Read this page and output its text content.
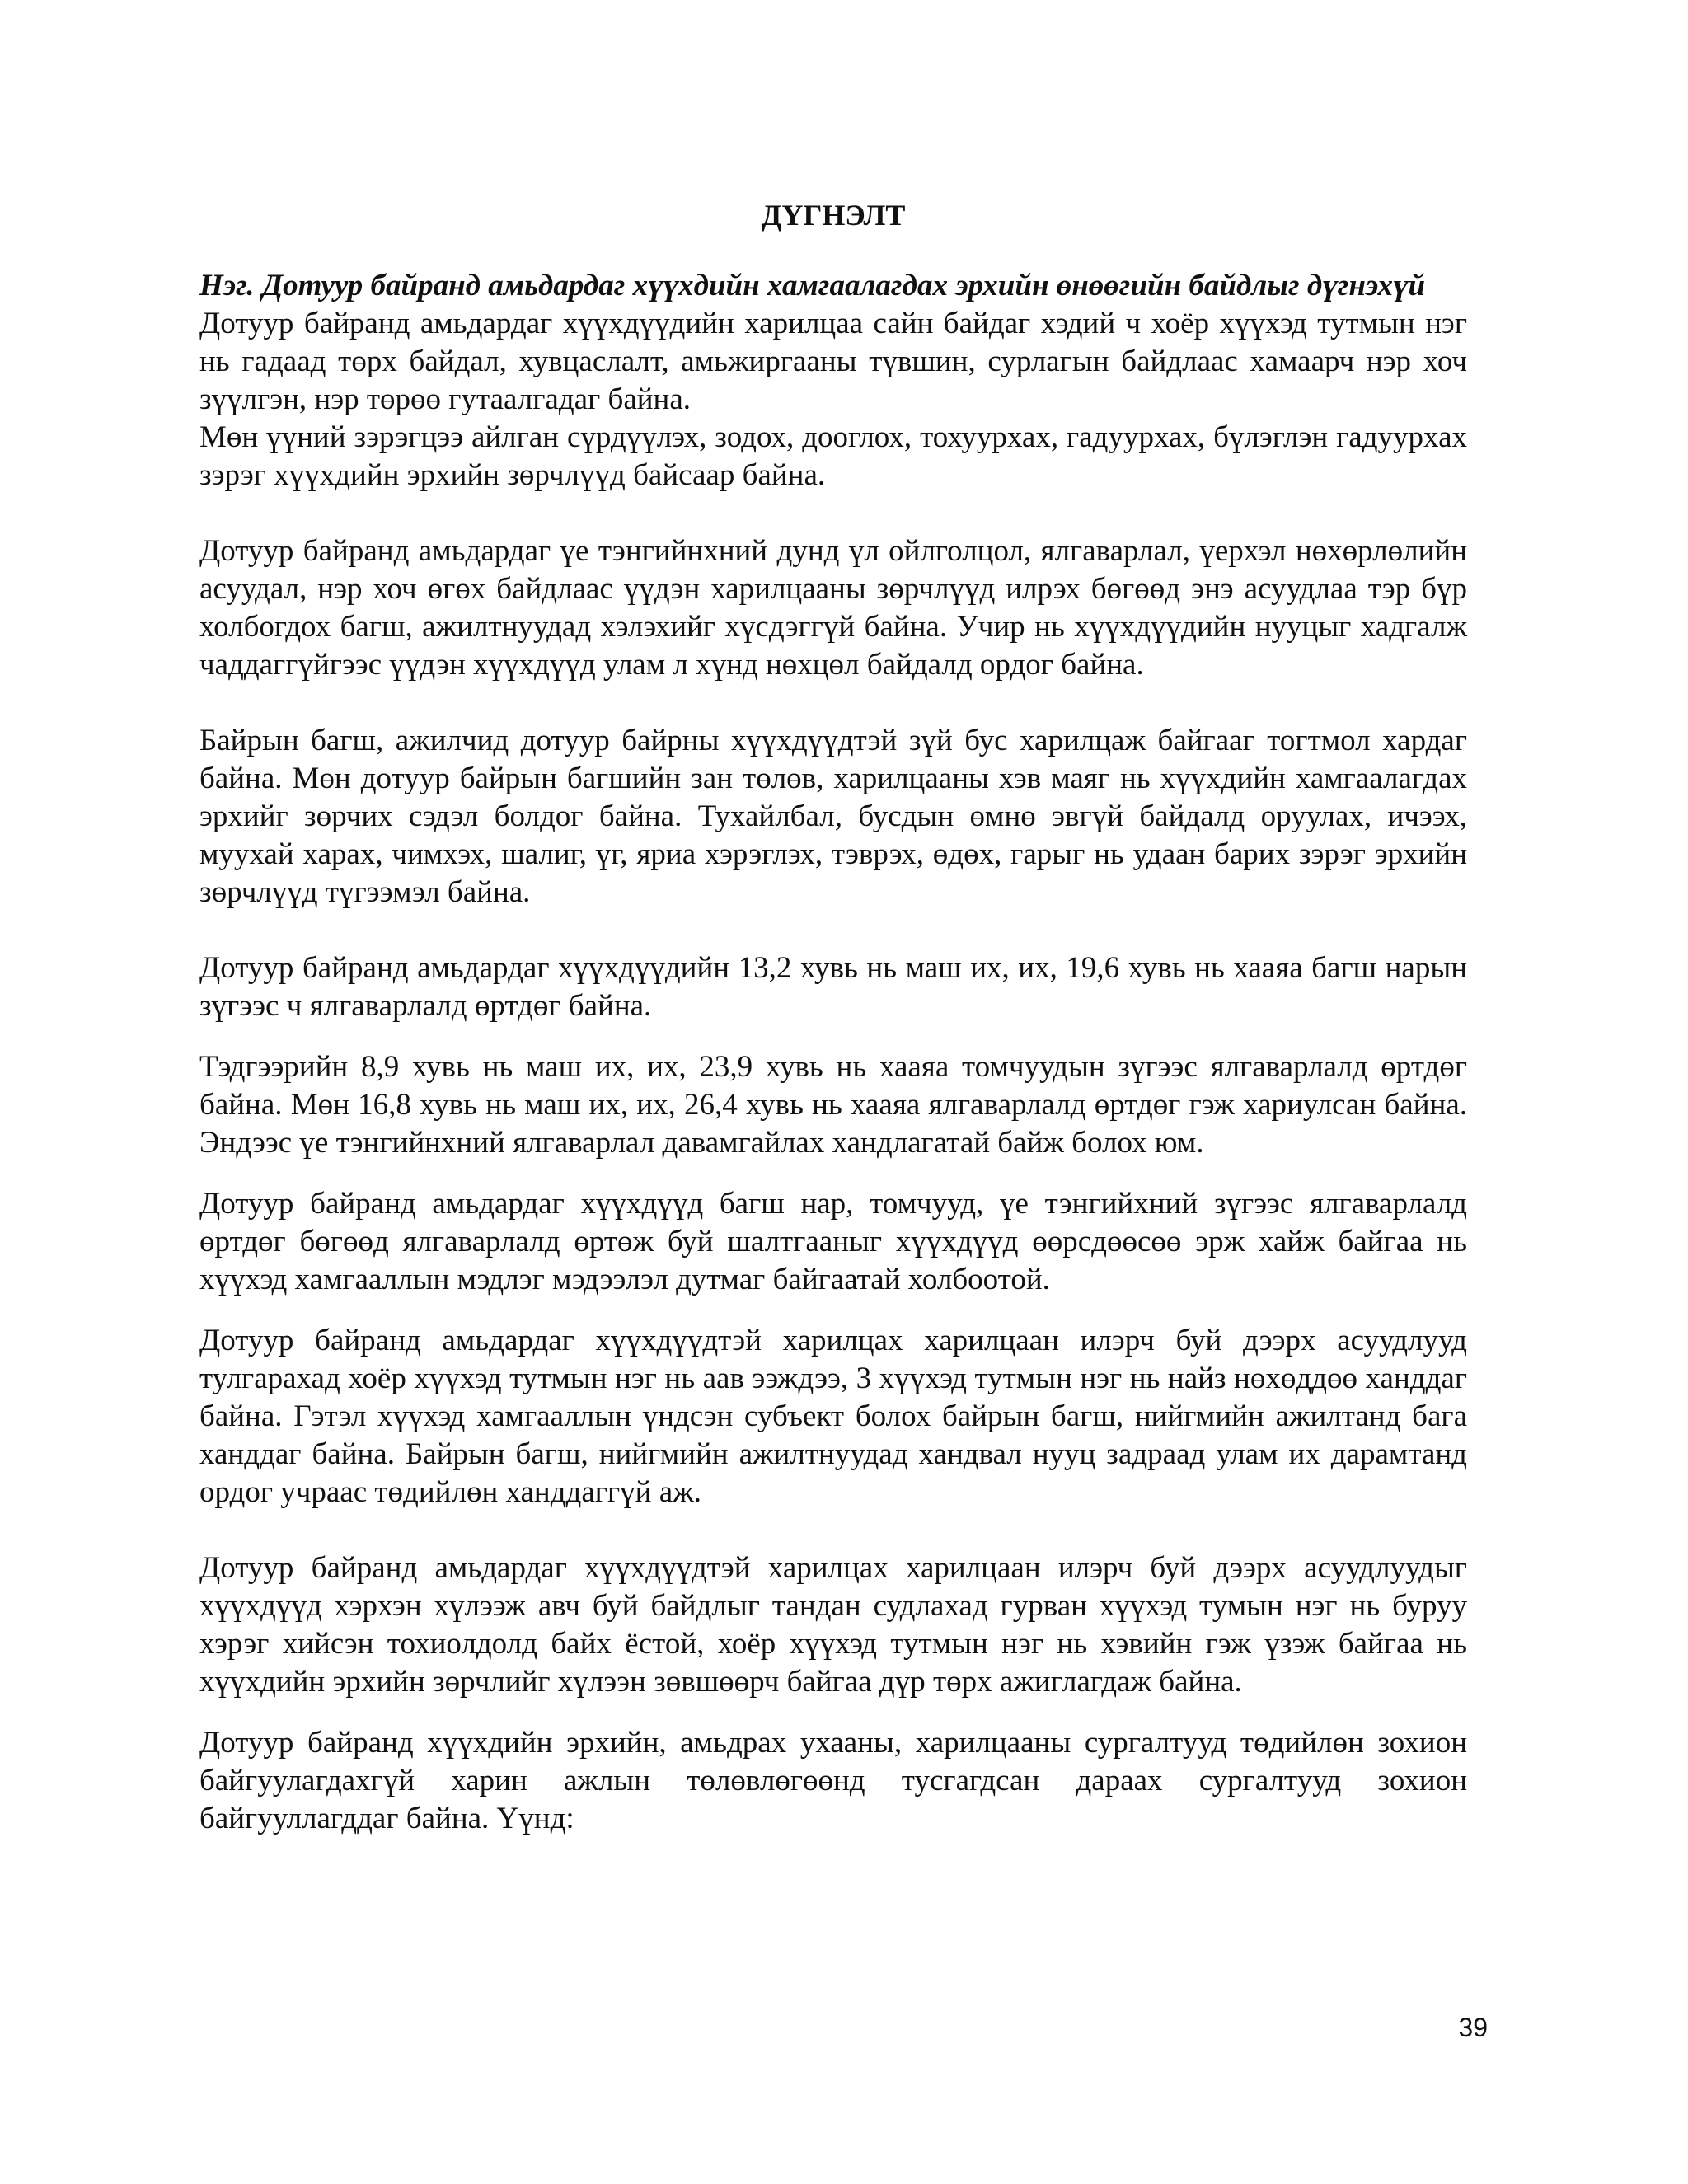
ДҮГНЭЛТ

Нэг. Дотуур байранд амьдардаг хүүхдийн хамгаалагдах эрхийн өнөөгийн байдлыг дүгнэхүй

Дотуур байранд амьдардаг хүүхдүүдийн харилцаа сайн байдаг хэдий ч хоёр хүүхэд тутмын нэг нь гадаад төрх байдал, хувцаслалт, амьжиргааны түвшин, сурлагын байдлаас хамаарч нэр хоч зүүлгэн, нэр төрөө гутаалгадаг байна.

Мөн үүний зэрэгцээ айлган сүрдүүлэх, зодох, дооглох, тохуурхах, гадуурхах, бүлэглэн гадуурхах зэрэг хүүхдийн эрхийн зөрчлүүд байсаар байна.

Дотуур байранд амьдардаг үе тэнгийнхний дунд үл ойлголцол, ялгаварлал, үерхэл нөхөрлөлийн асуудал, нэр хоч өгөх байдлаас үүдэн харилцааны зөрчлүүд илрэх бөгөөд энэ асуудлаа тэр бүр холбогдох багш, ажилтнуудад хэлэхийг хүсдэггүй байна. Учир нь хүүхдүүдийн нууцыг хадгалж чаддаггүйгээс үүдэн хүүхдүүд улам л хүнд нөхцөл байдалд ордог байна.

Байрын багш, ажилчид дотуур байрны хүүхдүүдтэй зүй бус харилцаж байгааг тогтмол хардаг байна. Мөн дотуур байрын багшийн зан төлөв, харилцааны хэв маяг нь хүүхдийн хамгаалагдах эрхийг зөрчих сэдэл болдог байна. Тухайлбал, бусдын өмнө эвгүй байдалд оруулах, ичээх, муухай харах, чимхэх, шалиг, үг, яриа хэрэглэх, тэврэх, өдөх, гарыг нь удаан барих зэрэг эрхийн зөрчлүүд түгээмэл байна.

Дотуур байранд амьдардаг хүүхдүүдийн 13,2 хувь нь маш их, их, 19,6 хувь нь хааяа багш нарын зүгээс ч ялгаварлалд өртдөг байна.

Тэдгээрийн 8,9 хувь нь маш их, их, 23,9 хувь нь хааяа томчуудын зүгээс ялгаварлалд өртдөг байна. Мөн 16,8 хувь нь маш их, их, 26,4 хувь нь хааяа ялгаварлалд өртдөг гэж хариулсан байна. Эндээс үе тэнгийнхний ялгаварлал давамгайлах хандлагатай байж болох юм.

Дотуур байранд амьдардаг хүүхдүүд багш нар, томчууд, үе тэнгийхний зүгээс ялгаварлалд өртдөг бөгөөд ялгаварлалд өртөж буй шалтгааныг хүүхдүүд өөрсдөөсөө эрж хайж байгаа нь хүүхэд хамгааллын мэдлэг мэдээлэл дутмаг байгаатай холбоотой.

Дотуур байранд амьдардаг хүүхдүүдтэй харилцах харилцаан илэрч буй дээрх асуудлууд тулгарахад хоёр хүүхэд тутмын нэг нь аав ээждээ, 3 хүүхэд тутмын нэг нь найз нөхөддөө ханддаг байна. Гэтэл хүүхэд хамгааллын үндсэн субъект болох байрын багш, нийгмийн ажилтанд бага ханддаг байна. Байрын багш, нийгмийн ажилтнуудад хандвал нууц задраад улам их дарамтанд ордог учраас төдийлөн ханддаггүй аж.

Дотуур байранд амьдардаг хүүхдүүдтэй харилцах харилцаан илэрч буй дээрх асуудлуудыг хүүхдүүд хэрхэн хүлээж авч буй байдлыг тандан судлахад гурван хүүхэд тумын нэг нь буруу хэрэг хийсэн тохиолдолд байх ёстой, хоёр хүүхэд тутмын нэг нь хэвийн гэж үзэж байгаа нь хүүхдийн эрхийн зөрчлийг хүлээн зөвшөөрч байгаа дүр төрх ажиглагдаж байна.

Дотуур байранд хүүхдийн эрхийн, амьдрах ухааны, харилцааны сургалтууд төдийлөн зохион байгуулагдахгүй харин ажлын төлөвлөгөөнд тусгагдсан дараах сургалтууд зохион байгууллагддаг байна. Үүнд:

39
